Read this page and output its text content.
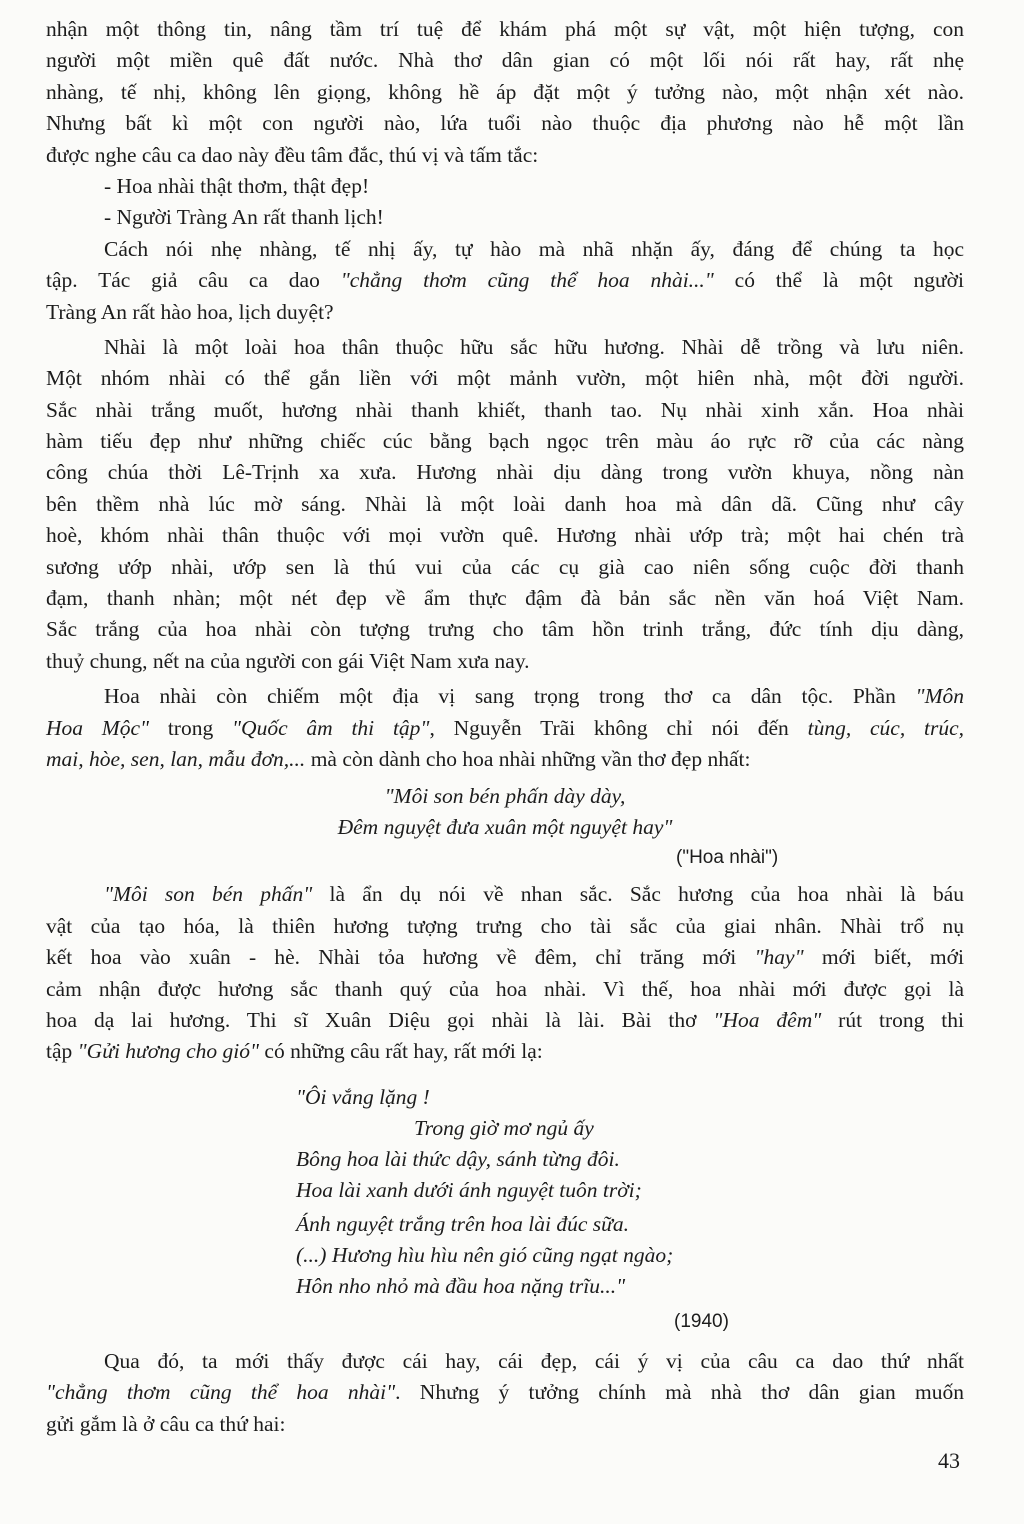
nhận một thông tin, nâng tầm trí tuệ để khám phá một sự vật, một hiện tượng, con
người một miền quê đất nước. Nhà thơ dân gian có một lối nói rất hay, rất nhẹ
nhàng, tế nhị, không lên giọng, không hề áp đặt một ý tưởng nào, một nhận xét nào.
Nhưng bất kì một con người nào, lứa tuổi nào thuộc địa phương nào hễ một lần
được nghe câu ca dao này đều tâm đắc, thú vị và tấm tắc:
- Hoa nhài thật thơm, thật đẹp!
- Người Tràng An rất thanh lịch!
Cách nói nhẹ nhàng, tế nhị ấy, tự hào mà nhã nhặn ấy, đáng để chúng ta học
tập. Tác giả câu ca dao "chẳng thơm cũng thể hoa nhài..." có thể là một người
Tràng An rất hào hoa, lịch duyệt?
Nhài là một loài hoa thân thuộc hữu sắc hữu hương. Nhài dễ trồng và lưu niên.
Một nhóm nhài có thể gắn liền với một mảnh vườn, một hiên nhà, một đời người.
Sắc nhài trắng muốt, hương nhài thanh khiết, thanh tao. Nụ nhài xinh xắn. Hoa nhài
hàm tiếu đẹp như những chiếc cúc bằng bạch ngọc trên màu áo rực rỡ của các nàng
công chúa thời Lê-Trịnh xa xưa. Hương nhài dịu dàng trong vườn khuya, nồng nàn
bên thềm nhà lúc mờ sáng. Nhài là một loài danh hoa mà dân dã. Cũng như cây
hoè, khóm nhài thân thuộc với mọi vườn quê. Hương nhài ướp trà; một hai chén trà
sương ướp nhài, ướp sen là thú vui của các cụ già cao niên sống cuộc đời thanh
đạm, thanh nhàn; một nét đẹp về ẩm thực đậm đà bản sắc nền văn hoá Việt Nam.
Sắc trắng của hoa nhài còn tượng trưng cho tâm hồn trinh trắng, đức tính dịu dàng,
thuỷ chung, nết na của người con gái Việt Nam xưa nay.
Hoa nhài còn chiếm một địa vị sang trọng trong thơ ca dân tộc. Phần "Môn
Hoa Mộc" trong "Quốc âm thi tập", Nguyễn Trãi không chỉ nói đến tùng, cúc, trúc,
mai, hòe, sen, lan, mẫu đơn,... mà còn dành cho hoa nhài những vần thơ đẹp nhất:
"Môi son bén phấn dày dày,
Đêm nguyệt đưa xuân một nguyệt hay"
("Hoa nhài")
"Môi son bén phấn" là ẩn dụ nói về nhan sắc. Sắc hương của hoa nhài là báu
vật của tạo hóa, là thiên hương tượng trưng cho tài sắc của giai nhân. Nhài trổ nụ
kết hoa vào xuân - hè. Nhài tỏa hương về đêm, chỉ trăng mới "hay" mới biết, mới
cảm nhận được hương sắc thanh quý của hoa nhài. Vì thế, hoa nhài mới được gọi là
hoa dạ lai hương. Thi sĩ Xuân Diệu gọi nhài là lài. Bài thơ "Hoa đêm" rút trong thi
tập "Gửi hương cho gió" có những câu rất hay, rất mới lạ:
"Ôi vắng lặng !
Trong giờ mơ ngủ ấy
Bông hoa lài thức dậy, sánh từng đôi.
Hoa lài xanh dưới ánh nguyệt tuôn trời;
Ánh nguyệt trắng trên hoa lài đúc sữa.
(...) Hương hìu hìu nên gió cũng ngạt ngào;
Hôn nho nhỏ mà đầu hoa nặng trĩu..."
(1940)
Qua đó, ta mới thấy được cái hay, cái đẹp, cái ý vị của câu ca dao thứ nhất
"chẳng thơm cũng thể hoa nhài". Nhưng ý tưởng chính mà nhà thơ dân gian muốn
gửi gắm là ở câu ca thứ hai:
43
